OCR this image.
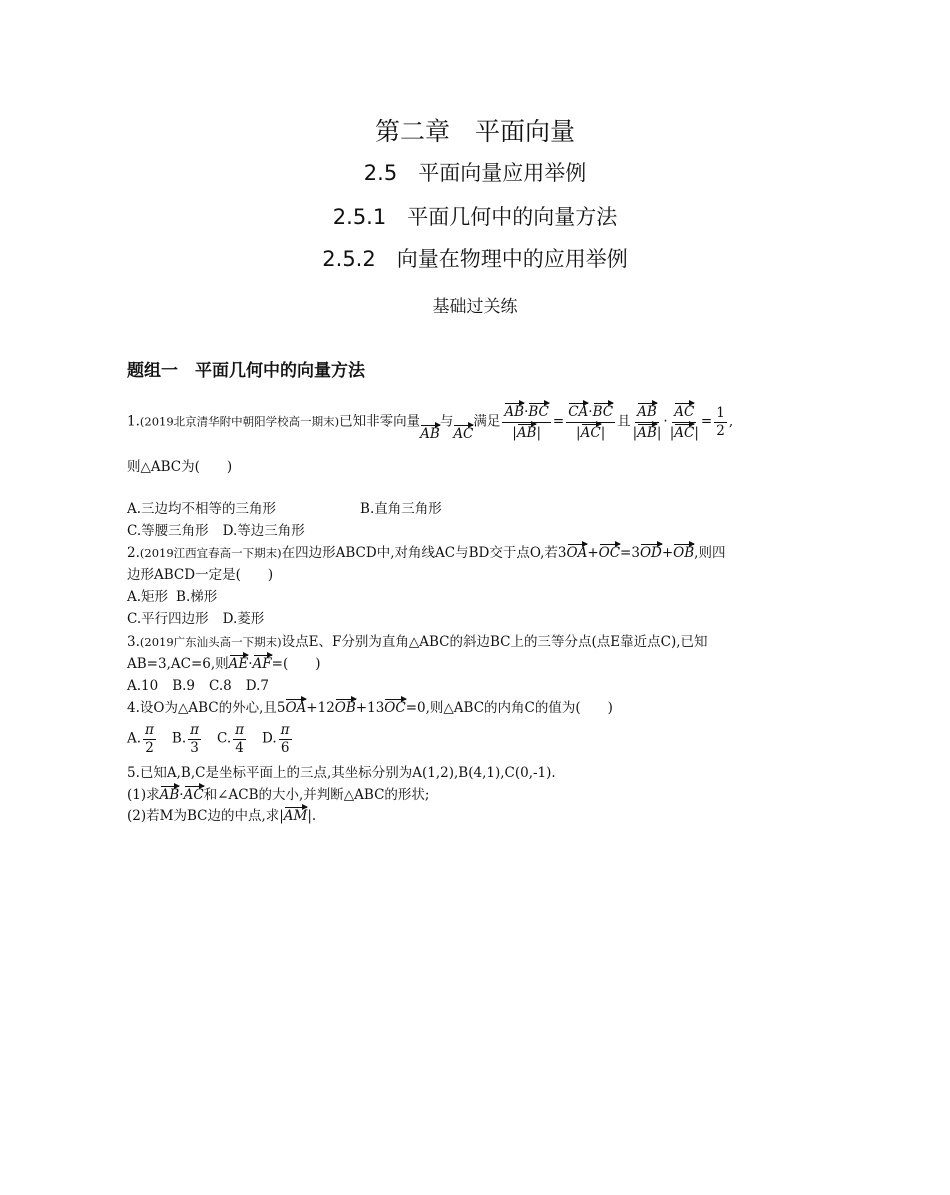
第二章　平面向量
2.5　平面向量应用举例
2.5.1　平面几何中的向量方法
2.5.2　向量在物理中的应用举例
基础过关练
题组一　平面几何中的向量方法
1.(2019北京清华附中朝阳学校高一期末)已知非零向量AB与AC满足 $\frac{AB\cdot BC}{|AB|} = \frac{CA\cdot BC}{|AC|}$ 且 $\frac{AB}{|AB|} \cdot \frac{AC}{|AC|} = \frac{1}{2}$ ,
则△ABC为(　　)
A.三边均不相等的三角形	B.直角三角形
C.等腰三角形 D.等边三角形
2.(2019江西宜春高一下期末)在四边形ABCD中,对角线AC与BD交于点O,若3OA+OC=3OD+OB,则四
边形ABCD一定是(　　)
A.矩形 B.梯形
C.平行四边形 D.菱形
3.(2019广东汕头高一下期末)设点E、F分别为直角△ABC的斜边BC上的三等分点(点E靠近点C),已知
AB=3,AC=6,则AE·AF=(　　)
A.10 B.9 C.8 D.7
4.设O为△ABC的外心,且5OA+12OB+13OC=0,则△ABC的内角C的值为(　　)
A. $\frac{\pi}{2} B$. $\frac{\pi}{3} C$. $\frac{\pi}{4} D$. $\frac{\pi}{6}$
5.已知A,B,C是坐标平面上的三点,其坐标分别为A(1,2),B(4,1),C(0,-1).
(1)求AB·AC和∠ACB的大小,并判断△ABC的形状;
(2)若M为BC边的中点,求|AM|.
